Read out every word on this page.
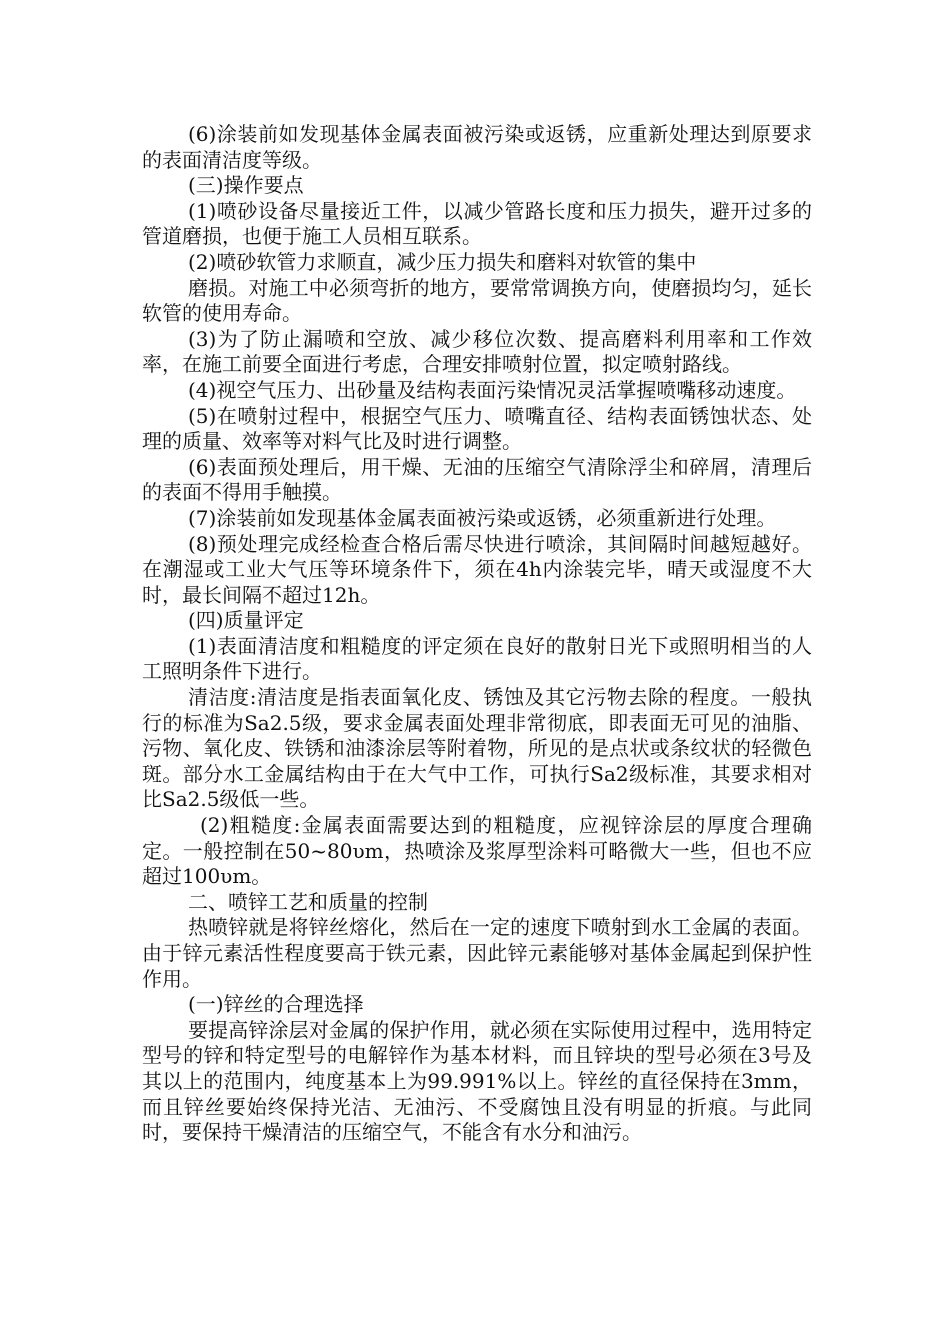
(6)涂装前如发现基体金属表面被污染或返锈，应重新处理达到原要求的表面清洁度等级。

(三)操作要点

(1)喷砂设备尽量接近工件，以减少管路长度和压力损失，避开过多的管道磨损，也便于施工人员相互联系。

(2)喷砂软管力求顺直，减少压力损失和磨料对软管的集中

磨损。对施工中必须弯折的地方，要常常调换方向，使磨损均匀，延长软管的使用寿命。

(3)为了防止漏喷和空放、减少移位次数、提高磨料利用率和工作效率，在施工前要全面进行考虑，合理安排喷射位置，拟定喷射路线。

(4)视空气压力、出砂量及结构表面污染情况灵活掌握喷嘴移动速度。

(5)在喷射过程中，根据空气压力、喷嘴直径、结构表面锈蚀状态、处理的质量、效率等对料气比及时进行调整。

(6)表面预处理后，用干燥、无油的压缩空气清除浮尘和碎屑，清理后的表面不得用手触摸。

(7)涂装前如发现基体金属表面被污染或返锈，必须重新进行处理。

(8)预处理完成经检查合格后需尽快进行喷涂，其间隔时间越短越好。在潮湿或工业大气压等环境条件下，须在4h内涂装完毕，晴天或湿度不大时，最长间隔不超过12h。

(四)质量评定

(1)表面清洁度和粗糙度的评定须在良好的散射日光下或照明相当的人工照明条件下进行。

清洁度:清洁度是指表面氧化皮、锈蚀及其它污物去除的程度。一般执行的标准为Sa2.5级，要求金属表面处理非常彻底，即表面无可见的油脂、污物、氧化皮、铁锈和油漆涂层等附着物，所见的是点状或条纹状的轻微色斑。部分水工金属结构由于在大气中工作，可执行Sa2级标准，其要求相对比Sa2.5级低一些。

(2)粗糙度:金属表面需要达到的粗糙度，应视锌涂层的厚度合理确定。一般控制在50~80υm，热喷涂及浆厚型涂料可略微大一些，但也不应超过100υm。

二、喷锌工艺和质量的控制

热喷锌就是将锌丝熔化，然后在一定的速度下喷射到水工金属的表面。由于锌元素活性程度要高于铁元素，因此锌元素能够对基体金属起到保护性作用。

(一)锌丝的合理选择

要提高锌涂层对金属的保护作用，就必须在实际使用过程中，选用特定型号的锌和特定型号的电解锌作为基本材料，而且锌块的型号必须在3号及其以上的范围内，纯度基本上为99.991%以上。锌丝的直径保持在3mm，而且锌丝要始终保持光洁、无油污、不受腐蚀且没有明显的折痕。与此同时，要保持干燥清洁的压缩空气，不能含有水分和油污。
